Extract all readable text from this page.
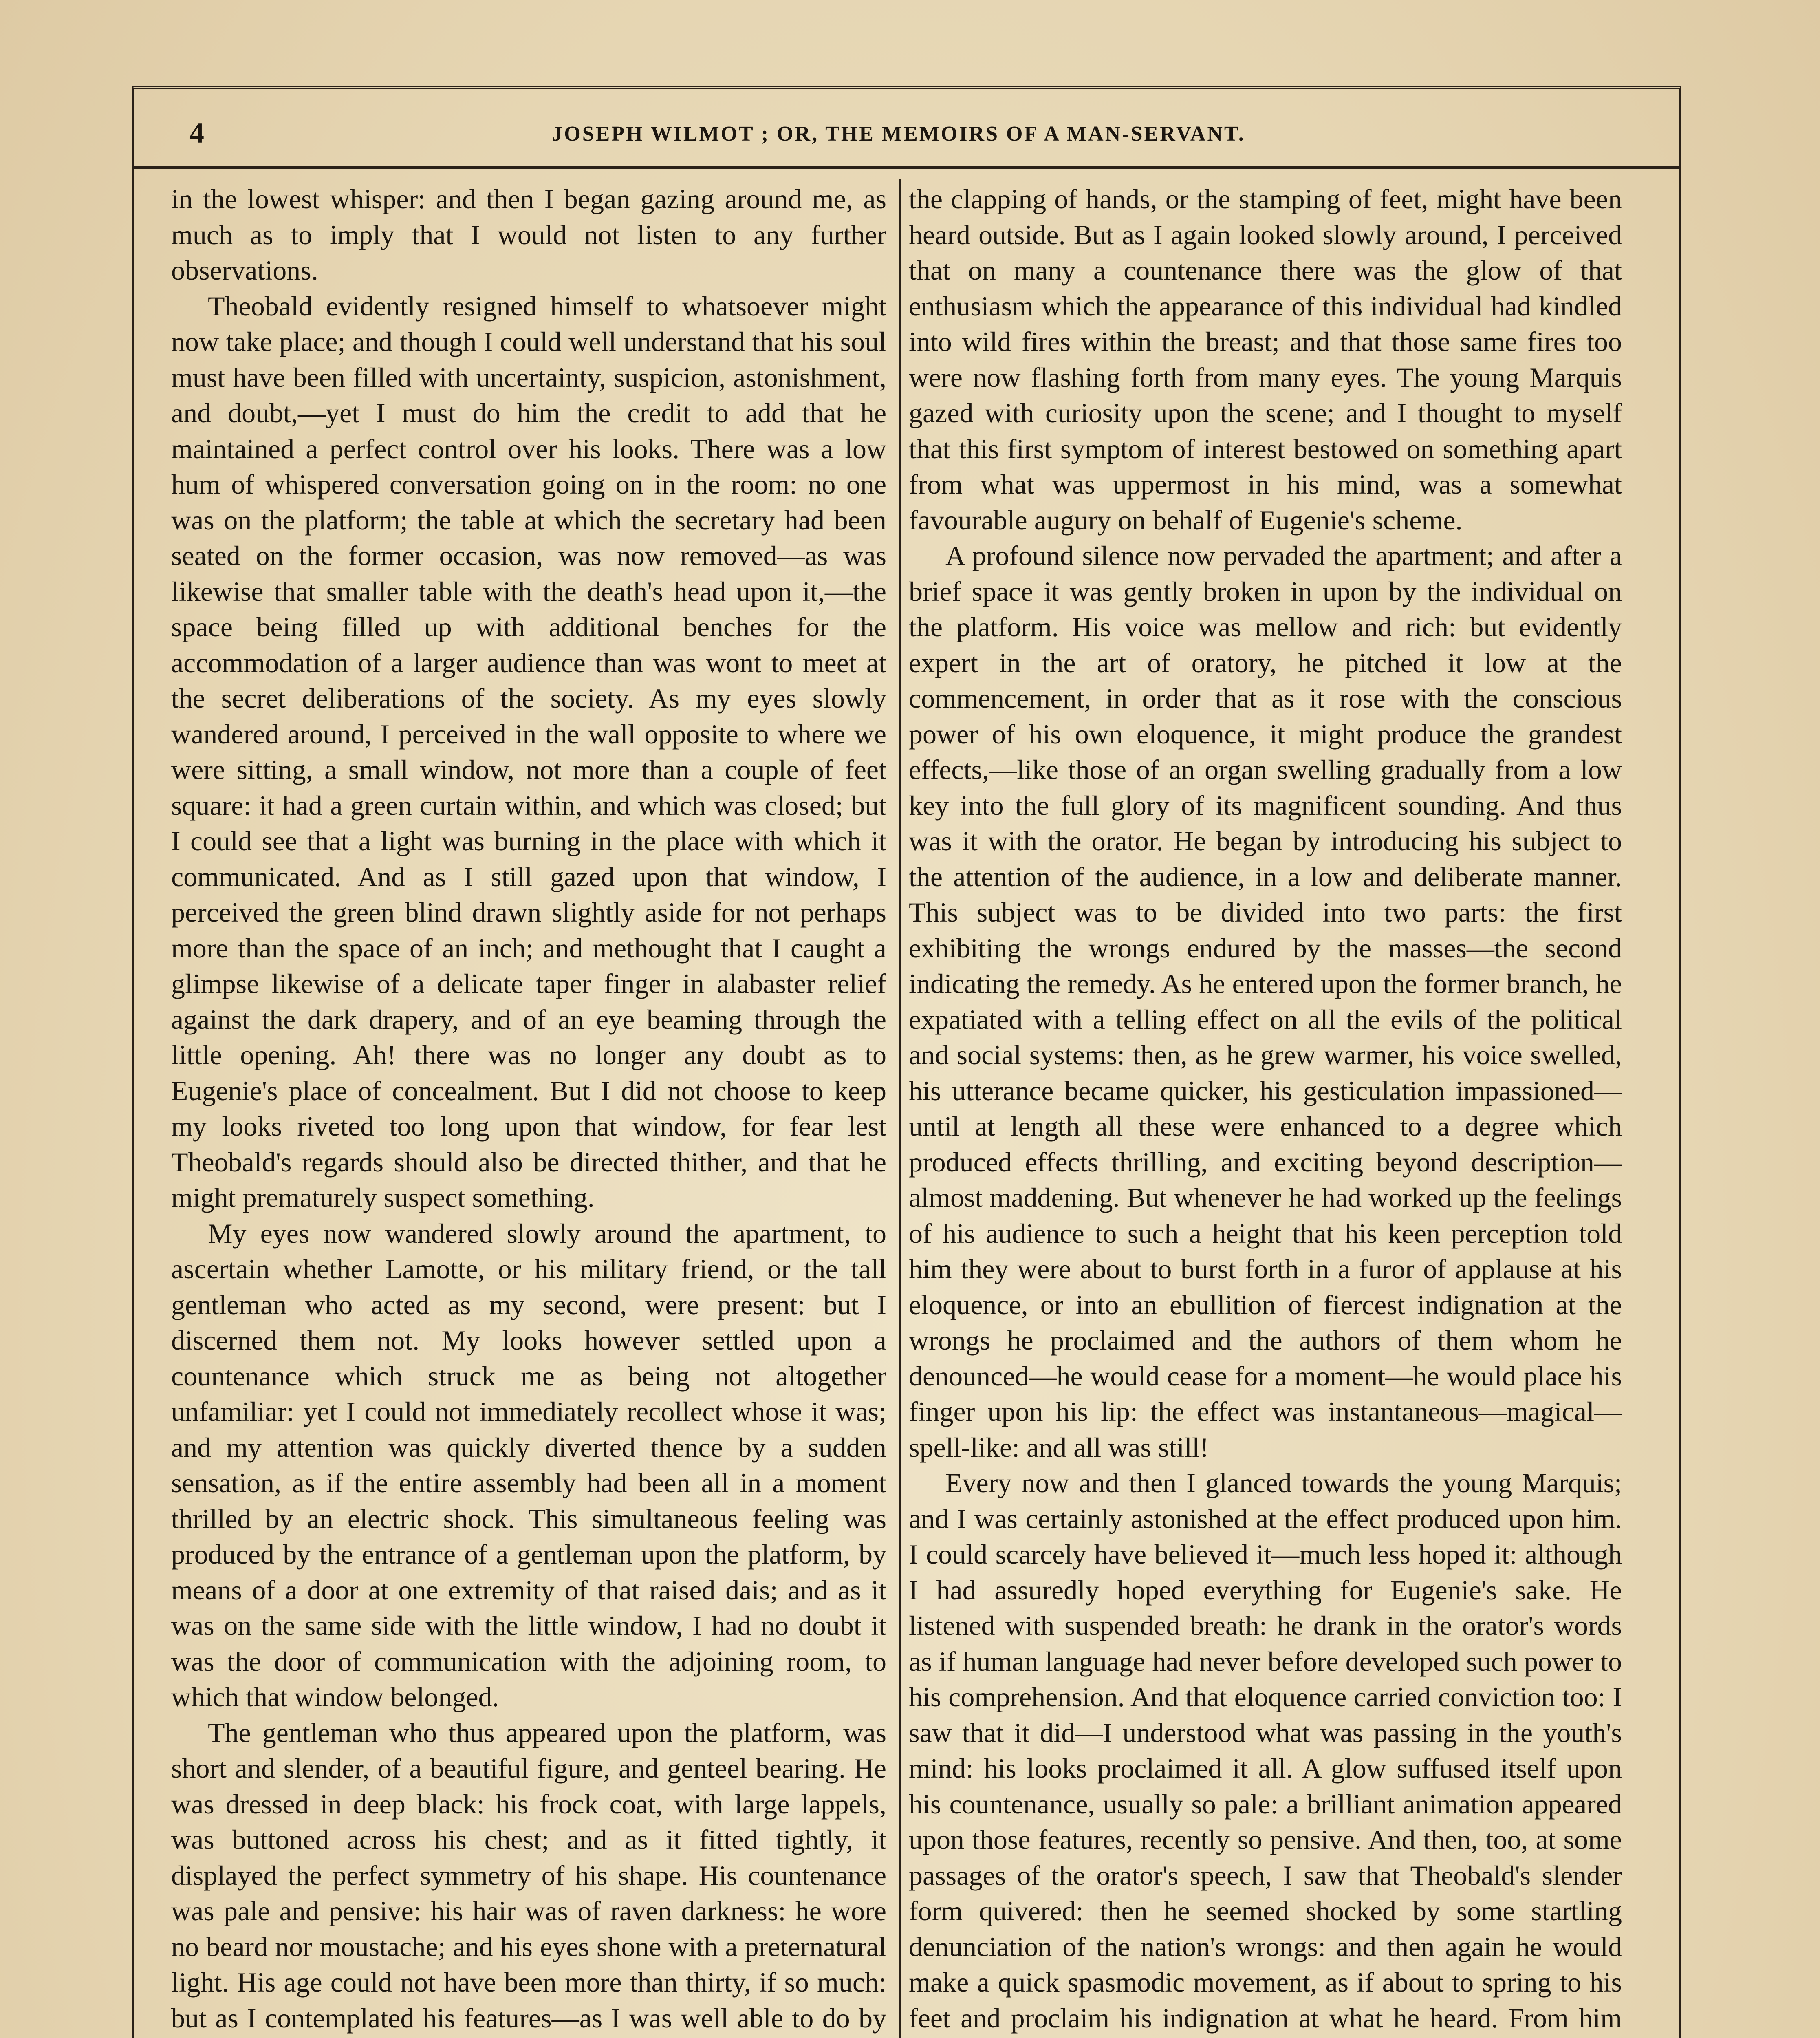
4	JOSEPH WILMOT ; OR, THE MEMOIRS OF A MAN-SERVANT.

in the lowest whisper: and then I began gazing around me, as much as to imply that I would not listen to any further observations.

Theobald evidently resigned himself to whatsoever might now take place; and though I could well understand that his soul must have been filled with uncertainty, suspicion, astonishment, and doubt,—yet I must do him the credit to add that he maintained a perfect control over his looks. There was a low hum of whispered conversation going on in the room: no one was on the platform; the table at which the secretary had been seated on the former occasion, was now removed—as was likewise that smaller table with the death's head upon it,—the space being filled up with additional benches for the accommodation of a larger audience than was wont to meet at the secret deliberations of the society. As my eyes slowly wandered around, I perceived in the wall opposite to where we were sitting, a small window, not more than a couple of feet square: it had a green curtain within, and which was closed; but I could see that a light was burning in the place with which it communicated. And as I still gazed upon that window, I perceived the green blind drawn slightly aside for not perhaps more than the space of an inch; and methought that I caught a glimpse likewise of a delicate taper finger in alabaster relief against the dark drapery, and of an eye beaming through the little opening. Ah! there was no longer any doubt as to Eugenie's place of concealment. But I did not choose to keep my looks riveted too long upon that window, for fear lest Theobald's regards should also be directed thither, and that he might prematurely suspect something.

My eyes now wandered slowly around the apartment, to ascertain whether Lamotte, or his military friend, or the tall gentleman who acted as my second, were present: but I discerned them not. My looks however settled upon a countenance which struck me as being not altogether unfamiliar: yet I could not immediately recollect whose it was; and my attention was quickly diverted thence by a sudden sensation, as if the entire assembly had been all in a moment thrilled by an electric shock. This simultaneous feeling was produced by the entrance of a gentleman upon the platform, by means of a door at one extremity of that raised dais; and as it was on the same side with the little window, I had no doubt it was the door of communication with the adjoining room, to which that window belonged.

The gentleman who thus appeared upon the platform, was short and slender, of a beautiful figure, and genteel bearing. He was dressed in deep black: his frock coat, with large lappels, was buttoned across his chest; and as it fitted tightly, it displayed the perfect symmetry of his shape. His countenance was pale and pensive: his hair was of raven darkness: he wore no beard nor moustache; and his eyes shone with a preternatural light. His age could not have been more than thirty, if so much: but as I contemplated his features—as I was well able to do by

the clapping of hands, or the stamping of feet, might have been heard outside. But as I again looked slowly around, I perceived that on many a countenance there was the glow of that enthusiasm which the appearance of this individual had kindled into wild fires within the breast; and that those same fires too were now flashing forth from many eyes. The young Marquis gazed with curiosity upon the scene; and I thought to myself that this first symptom of interest bestowed on something apart from what was uppermost in his mind, was a somewhat favourable augury on behalf of Eugenie's scheme.

A profound silence now pervaded the apartment; and after a brief space it was gently broken in upon by the individual on the platform. His voice was mellow and rich: but evidently expert in the art of oratory, he pitched it low at the commencement, in order that as it rose with the conscious power of his own eloquence, it might produce the grandest effects,—like those of an organ swelling gradually from a low key into the full glory of its magnificent sounding. And thus was it with the orator. He began by introducing his subject to the attention of the audience, in a low and deliberate manner. This subject was to be divided into two parts: the first exhibiting the wrongs endured by the masses—the second indicating the remedy. As he entered upon the former branch, he expatiated with a telling effect on all the evils of the political and social systems: then, as he grew warmer, his voice swelled, his utterance became quicker, his gesticulation impassioned—until at length all these were enhanced to a degree which produced effects thrilling, and exciting beyond description—almost maddening. But whenever he had worked up the feelings of his audience to such a height that his keen perception told him they were about to burst forth in a furor of applause at his eloquence, or into an ebullition of fiercest indignation at the wrongs he proclaimed and the authors of them whom he denounced—he would cease for a moment—he would place his finger upon his lip: the effect was instantaneous—magical—spell-like: and all was still!

Every now and then I glanced towards the young Marquis; and I was certainly astonished at the effect produced upon him. I could scarcely have believed it—much less hoped it: although I had assuredly hoped everything for Eugenie's sake. He listened with suspended breath: he drank in the orator's words as if human language had never before developed such power to his comprehension. And that eloquence carried conviction too: I saw that it did—I understood what was passing in the youth's mind: his looks proclaimed it all. A glow suffused itself upon his countenance, usually so pale: a brilliant animation appeared upon those features, recently so pensive. And then, too, at some passages of the orator's speech, I saw that Theobald's slender form quivered: then he seemed shocked by some startling denunciation of the nation's wrongs: and then again he would make a quick spasmodic movement, as if about to spring to his feet and proclaim his indignation at what he heard. From him
